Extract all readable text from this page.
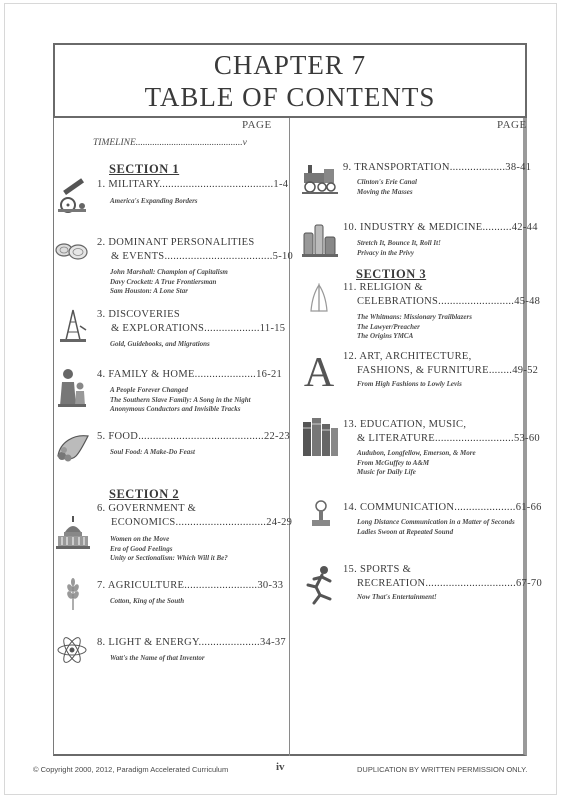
CHAPTER 7
TABLE OF CONTENTS
PAGE	PAGE
TIMELINE.............................................v
SECTION 1
1. MILITARY.......................................1-4
America's Expanding Borders
2. DOMINANT PERSONALITIES
& EVENTS.....................................5-10
John Marshall: Champion of Capitalism
Davy Crockett: A True Frontiersman
Sam Houston: A Lone Star
3. DISCOVERIES
& EXPLORATIONS...................11-15
Gold, Guidebooks, and Migrations
4. FAMILY & HOME.....................16-21
A People Forever Changed
The Southern Slave Family: A Song in the Night
Anonymous Conductors and Invisible Tracks
5. FOOD...........................................22-23
Soul Food: A Make-Do Feast
SECTION 2
6. GOVERNMENT &
ECONOMICS...............................24-29
Women on the Move
Era of Good Feelings
Unity or Sectionalism: Which Will it Be?
7. AGRICULTURE.........................30-33
Cotton, King of the South
8. LIGHT & ENERGY.....................34-37
Watt's the Name of that Inventor
9. TRANSPORTATION...................38-41
Clinton's Erie Canal
Moving the Masses
10. INDUSTRY & MEDICINE..........42-44
Stretch It, Bounce It, Roll It!
Privacy in the Privy
SECTION 3
11. RELIGION &
CELEBRATIONS..........................45-48
The Whitmans: Missionary Trailblazers
The Lawyer/Preacher
The Origins YMCA
A 12. ART, ARCHITECTURE,
FASHIONS, & FURNITURE........49-52
From High Fashions to Lowly Levis
13. EDUCATION, MUSIC,
& LITERATURE...........................53-60
Audubon, Longfellow, Emerson, & More
From McGuffey to A&M
Music for Daily Life
14. COMMUNICATION.....................61-66
Long Distance Communication in a Matter of Seconds
Ladies Swoon at Repeated Sound
15. SPORTS &
RECREATION...............................67-70
Now That's Entertainment!
© Copyright 2000, 2012, Paradigm Accelerated Curriculum	iv	DUPLICATION BY WRITTEN PERMISSION ONLY.
